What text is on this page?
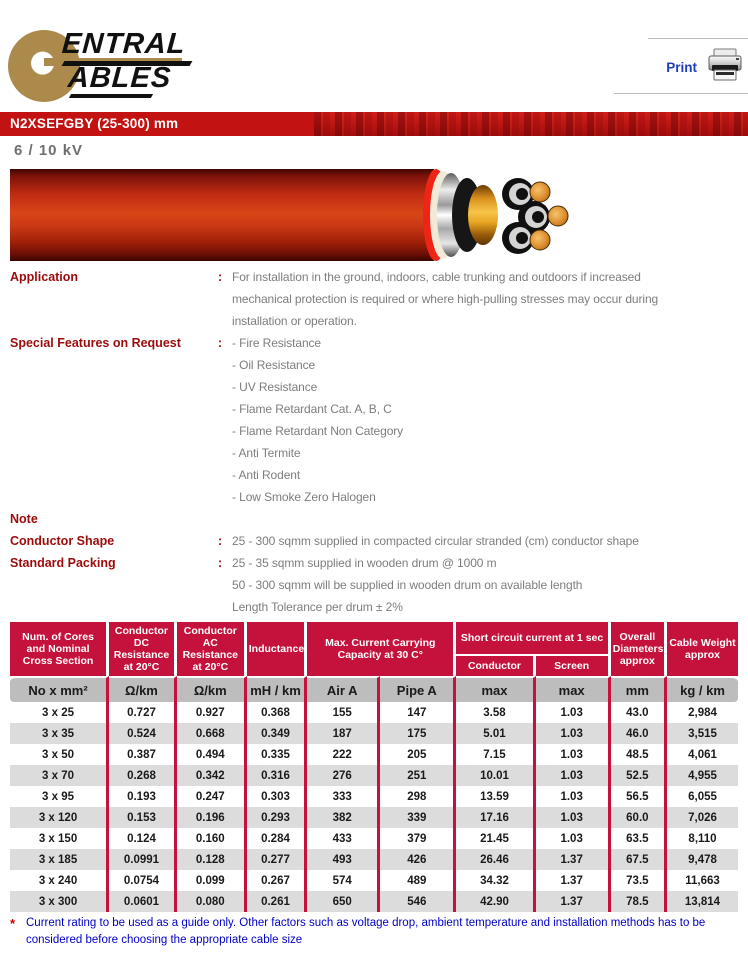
ENTRAL
ABLES	Print
N2XSEFGBY (25-300) mm
6 / 10 kV
Application	: For installation in the ground, indoors, cable trunking and outdoors if increased
mechanical protection is required or where high-pulling stresses may occur during
installation or operation.
Special Features on Request	: - Fire Resistance
- Oil Resistance
- UV Resistance
- Flame Retardant Cat. A, B, C
- Flame Retardant Non Category
- Anti Termite
- Anti Rodent
- Low Smoke Zero Halogen
Note
Conductor Shape	: 25 - 300 sqmm supplied in compacted circular stranded (cm) conductor shape
Standard Packing	: 25 - 35 sqmm supplied in wooden drum @ 1000 m
50 - 300 sqmm will be supplied in wooden drum on available length
Length Tolerance per drum ± 2%
Num. of Cores and Nominal Cross Section	Conductor DC Resistance at 20°C	Conductor AC Resistance at 20°C	Inductance	Max. Current Carrying Capacity at 30 C°		Short circuit current at 1 sec		Overall Diameters approx	Cable Weight approx
						Conductor	Screen		
No x mm²	Ω/km	Ω/km	mH / km	Air A	Pipe A	max	max	mm	kg / km
3 x 25	0.727	0.927	0.368	155	147	3.58	1.03	43.0	2,984
3 x 35	0.524	0.668	0.349	187	175	5.01	1.03	46.0	3,515
3 x 50	0.387	0.494	0.335	222	205	7.15	1.03	48.5	4,061
3 x 70	0.268	0.342	0.316	276	251	10.01	1.03	52.5	4,955
3 x 95	0.193	0.247	0.303	333	298	13.59	1.03	56.5	6,055
3 x 120	0.153	0.196	0.293	382	339	17.16	1.03	60.0	7,026
3 x 150	0.124	0.160	0.284	433	379	21.45	1.03	63.5	8,110
3 x 185	0.0991	0.128	0.277	493	426	26.46	1.37	67.5	9,478
3 x 240	0.0754	0.099	0.267	574	489	34.32	1.37	73.5	11,663
3 x 300	0.0601	0.080	0.261	650	546	42.90	1.37	78.5	13,814
* Current rating to be used as a guide only. Other factors such as voltage drop, ambient temperature and installation methods has to be
considered before choosing the appropriate cable size
